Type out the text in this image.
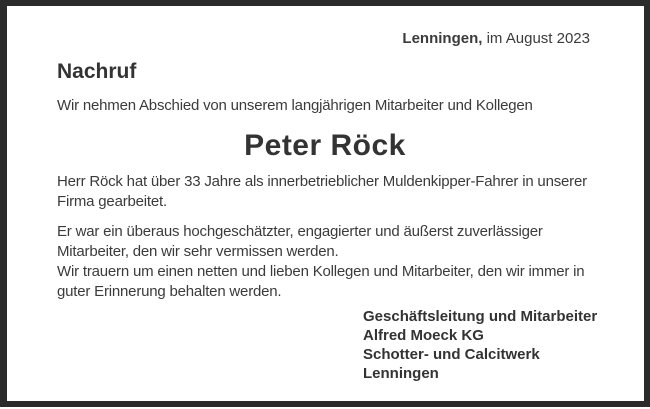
Lenningen, im August 2023
Nachruf

Wir nehmen Abschied von unserem langjährigen Mitarbeiter und Kollegen

Peter Röck
Herr Röck hat über 33 Jahre als innerbetrieblicher Muldenkipper-Fahrer in unserer
Firma gearbeitet.
Er war ein überaus hochgeschätzter, engagierter und äußerst zuverlässiger
Mitarbeiter, den wir sehr vermissen werden.
Wir trauern um einen netten und lieben Kollegen und Mitarbeiter, den wir immer in
guter Erinnerung behalten werden.
Geschäftsleitung und Mitarbeiter
Alfred Moeck KG
Schotter- und Calcitwerk
Lenningen
